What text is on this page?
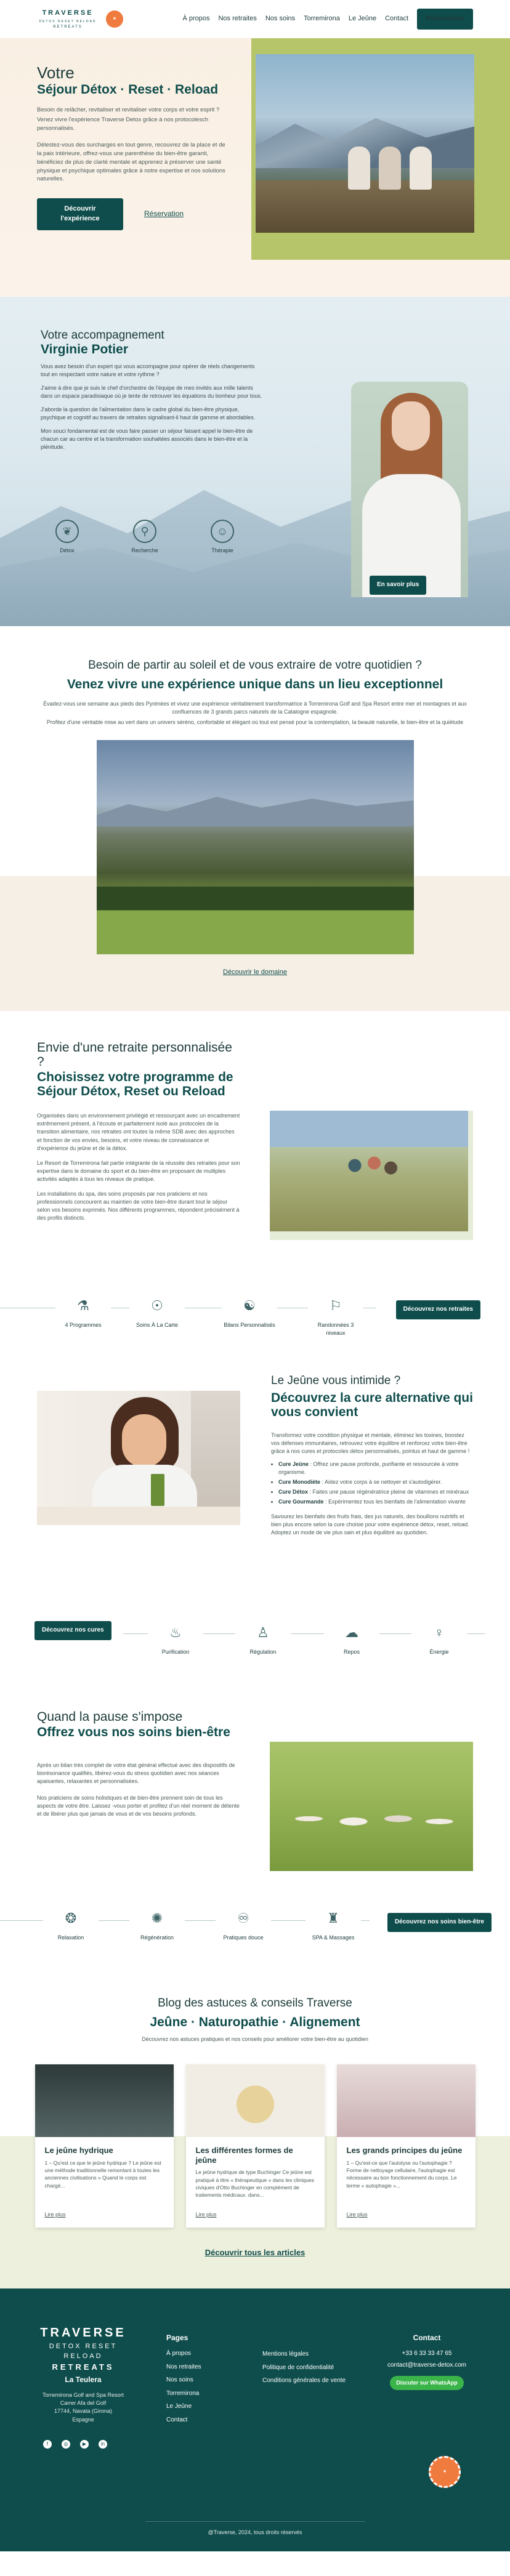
TRAVERSE
DETOX RESET RELOAD
RETREATS
★	À propos Nos retraites Nos soins Torremirona Le Jeûne Contact	Réservation
Votre
Séjour Détox · Reset · Reload

Besoin de relâcher, revitaliser et revitaliser votre corps et votre esprit ?

Venez vivre l'expérience Traverse Detox grâce à nos protocolesch personnalisés.

Délestez-vous des surcharges en tout genre, recouvrez de la place et de la paix intérieure, offrez-vous une parenthèse du bien-être garanti, bénéficiez de plus de clarté mentale et apprenez à préserver une santé physique et psychique optimales grâce à notre expertise et nos solutions naturelles.

Découvrir l'expérience
Réservation
Votre accompagnement
Virginie Potier

Vous avez besoin d'un expert qui vous accompagne pour opérer de réels changements tout en respectant votre nature et votre rythme ?

J'aime à dire que je suis le chef d'orchestre de l'équipe de mes invités aux mille talents dans un espace paradisiaque où je tente de retrouver les équations du bonheur pour tous.

J'aborde la question de l'alimentation dans le cadre global du bien-être physique, psychique et cognitif au travers de retraites signalisant-il haut de gamme et abordables.

Mon souci fondamental est de vous faire passer un séjour faisant appel le bien-être de chacun car au centre et la transformation souhaitées associés dans le bien-être et la plénitude.

❦
Détox
⚲
Recherche
☺
Thérapie
En savoir plus
Besoin de partir au soleil et de vous extraire de votre quotidien ?
Venez vivre une expérience unique dans un lieu exceptionnel

Évadez-vous une semaine aux pieds des Pyrénées et vivez une expérience véritablement transformatrice à Torremirona Golf and Spa Resort entre mer et montagnes et aux confluences de 3 grands parcs naturels de la Catalogne espagnole.

Profitez d'une véritable mise au vert dans un univers séréno, confortable et élégant où tout est pensé pour la contemplation, la beauté naturelle, le bien-être et la quiétude

Découvrir le domaine
Envie d'une retraite personnalisée ?
Choisissez votre programme de Séjour Détox, Reset ou Reload

Organisées dans un environnement privilégié et ressourçant avec un encadrement extrêmement présent, à l'écoute et parfaitement isolé aux protocoles de la transition alimentaire, nos retraites ont toutes la même SDB avec des approches et fonction de vos envies, besoins, et votre niveau de connaissance et d'expérience du jeûne et de la détox.

Le Resort de Torremirona fait partie intégrante de la réussite des retraites pour son expertise dans le domaine du sport et du bien-être en proposant de multiples activités adaptés à tous les niveaux de pratique.

Les installations du spa, des soins proposés par nos praticiens et nos professionnels concourent au maintien de votre bien-être durant tout le séjour selon vos besoins exprimés. Nos différents programmes, répondent précisément à des profils distincts.

⚗
4 Programmes
☉
Soins À La Carte
☯
Bilans Personnalisés
⚐
Randonnées 3 niveaux
Découvrez nos retraites
Le Jeûne vous intimide ?
Découvrez la cure alternative qui vous convient

Transformez votre condition physique et mentale, éliminez les toxines, boostez vos défenses immunitaires, retrouvez votre équilibre et renforcez votre bien-être grâce à nos cures et protocoles détox personnalisés, pointus et haut de gamme !

• Cure Jeûne : Offrez une pause profonde, purifiante et ressourcée à votre organisme.
• Cure Monodiète : Aidez votre corps à se nettoyer et s'autodigérer.
• Cure Détox : Faites une pause régénératrice pleine de vitamines et minéraux
• Cure Gourmande : Expérimentez tous les bienfaits de l'alimentation vivante

Savourez les bienfaits des fruits frais, des jus naturels, des bouillons nutritifs et bien plus encore selon la cure choisie pour votre expérience détox, reset, reload. Adoptez un mode de vie plus sain et plus équilibré au quotidien.

Découvrez nos cures	♨
Purification
♙
Régulation
☁
Repos
♀
Énergie
Quand la pause s'impose
Offrez vous nos soins bien-être

Après un bilan très complet de votre état général effectué avec des dispositifs de biorésonance qualifiés, libérez-vous du stress quotidien avec nos séances apaisantes, relaxantes et personnalisées.

Nos praticiens de soins holistiques et de bien-être prennent soin de tous les aspects de votre être. Laissez -vous porter et profitez d'un réel moment de détente et de libérer plus que jamais de vous et de vos besoins profonds.

❂
Relaxation
✺
Régénération
♾
Pratiques douce
♜
SPA & Massages
Découvrez nos soins bien-être
Blog des astuces & conseils Traverse
Jeûne · Naturopathie · Alignement
Découvrez nos astuces pratiques et nos conseils pour améliorer votre bien-être au quotidien
Le jeûne hydrique
1 – Qu'est ce que le jeûne hydrique ? Le jeûne est une méthode traditionnelle remontant à toutes les anciennes civilisations » Quand le corps est chargé...
Lire plus
Les différentes formes de jeûne
Le jeûne hydrique de type Buchinger Ce jeûne est pratiqué à titre « thérapeutique » dans les cliniques civiques d'Otto Buchinger en complément de traitements médicaux. dans...
Lire plus
Les grands principes du jeûne
1 – Qu'est-ce que l'autolyse ou l'autophagie ? Forme de nettoyage cellulaire, l'autophagie est nécessaire au bon fonctionnement du corps. Le terme « autophagie »...
Lire plus
Découvrir tous les articles
TRAVERSE
DETOX RESET RELOAD
RETREATS
La Teulera
Torremirona Golf and Spa Resort
Carrer Afa del Golf
17744, Navata (Girona)
Espagne
f	◎	▶	in
Pages
À propos
Nos retraites
Nos soins
Torremirona
Le Jeûne
Contact
Mentions légales
Politique de confidentialité
Conditions générales de vente
Contact
+33 6 33 33 47 65
contact@traverse-detox.com
Discuter sur WhatsApp
★
@Traverse, 2024, tous droits réservés
